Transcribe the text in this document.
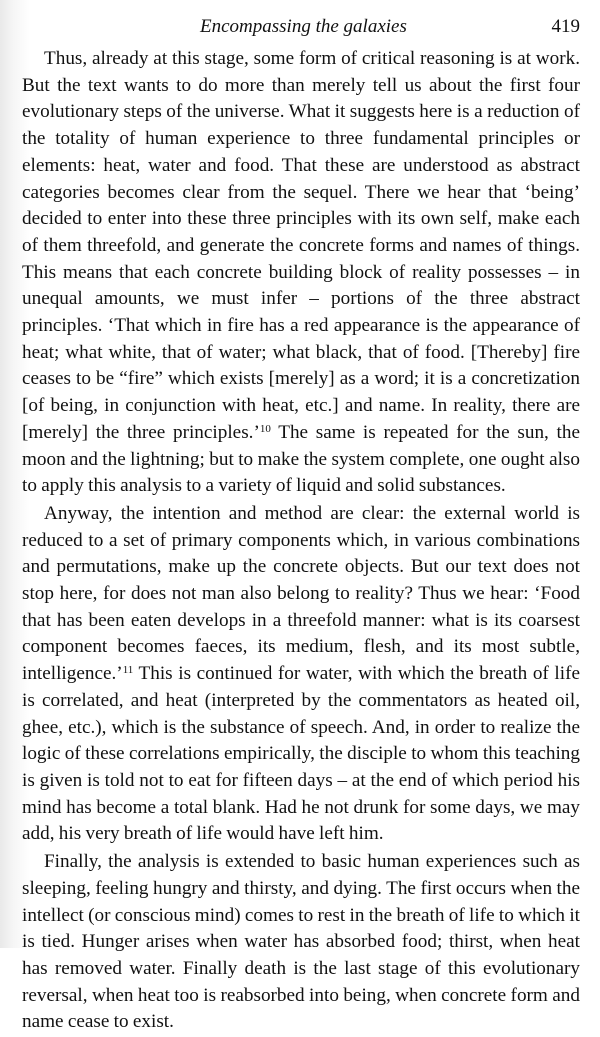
Encompassing the galaxies	419

Thus, already at this stage, some form of critical reasoning is at work. But the text wants to do more than merely tell us about the first four evolutionary steps of the universe. What it suggests here is a reduction of the totality of human experience to three fundamental principles or elements: heat, water and food. That these are understood as abstract categories becomes clear from the sequel. There we hear that ‘being’ decided to enter into these three principles with its own self, make each of them threefold, and generate the concrete forms and names of things. This means that each concrete building block of reality possesses – in unequal amounts, we must infer – portions of the three abstract principles. ‘That which in fire has a red appearance is the appearance of heat; what white, that of water; what black, that of food. [Thereby] fire ceases to be “fire” which exists [merely] as a word; it is a concretization [of being, in conjunction with heat, etc.] and name. In reality, there are [merely] the three principles.’$^{10}$ The same is repeated for the sun, the moon and the lightning; but to make the system complete, one ought also to apply this analysis to a variety of liquid and solid substances.

Anyway, the intention and method are clear: the external world is reduced to a set of primary components which, in various combinations and permutations, make up the concrete objects. But our text does not stop here, for does not man also belong to reality? Thus we hear: ‘Food that has been eaten develops in a threefold manner: what is its coarsest component becomes faeces, its medium, flesh, and its most subtle, intelligence.’$^{11}$ This is continued for water, with which the breath of life is correlated, and heat (interpreted by the commentators as heated oil, ghee, etc.), which is the substance of speech. And, in order to realize the logic of these correlations empirically, the disciple to whom this teaching is given is told not to eat for fifteen days – at the end of which period his mind has become a total blank. Had he not drunk for some days, we may add, his very breath of life would have left him.

Finally, the analysis is extended to basic human experiences such as sleeping, feeling hungry and thirsty, and dying. The first occurs when the intellect (or conscious mind) comes to rest in the breath of life to which it is tied. Hunger arises when water has absorbed food; thirst, when heat has removed water. Finally death is the last stage of this evolutionary reversal, when heat too is reabsorbed into being, when concrete form and name cease to exist.
